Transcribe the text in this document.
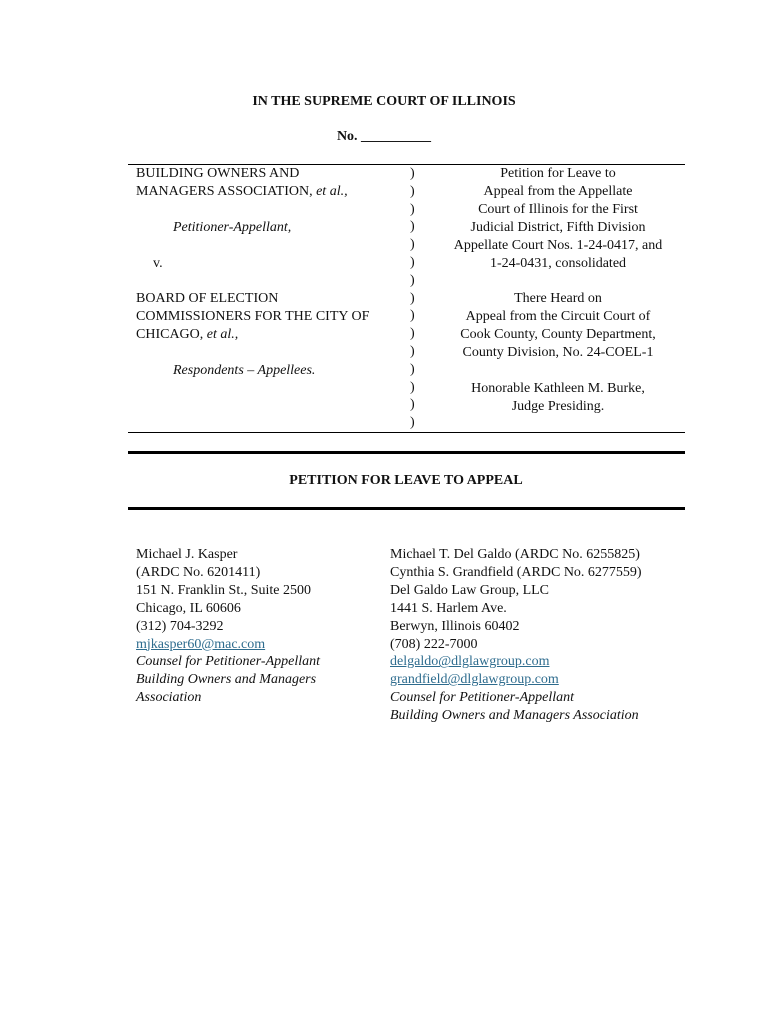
IN THE SUPREME COURT OF ILLINOIS
No. __________
BUILDING OWNERS AND
MANAGERS ASSOCIATION, et al.,
Petitioner-Appellant,
v.
BOARD OF ELECTION
COMMISSIONERS FOR THE CITY OF
CHICAGO, et al.,
Respondents – Appellees.
)
)
)
)
)
)
)
)
)
)
)
)
)
)
)
Petition for Leave to
Appeal from the Appellate
Court of Illinois for the First
Judicial District, Fifth Division
Appellate Court Nos. 1-24-0417, and
1-24-0431, consolidated
There Heard on
Appeal from the Circuit Court of
Cook County, County Department,
County Division, No. 24-COEL-1
Honorable Kathleen M. Burke,
Judge Presiding.
PETITION FOR LEAVE TO APPEAL
Michael J. Kasper
(ARDC No. 6201411)
151 N. Franklin St., Suite 2500
Chicago, IL 60606
(312) 704-3292
mjkasper60@mac.com
Counsel for Petitioner-Appellant
Building Owners and Managers
Association
Michael T. Del Galdo (ARDC No. 6255825)
Cynthia S. Grandfield (ARDC No. 6277559)
Del Galdo Law Group, LLC
1441 S. Harlem Ave.
Berwyn, Illinois 60402
(708) 222-7000
delgaldo@dlglawgroup.com
grandfield@dlglawgroup.com
Counsel for Petitioner-Appellant
Building Owners and Managers Association
